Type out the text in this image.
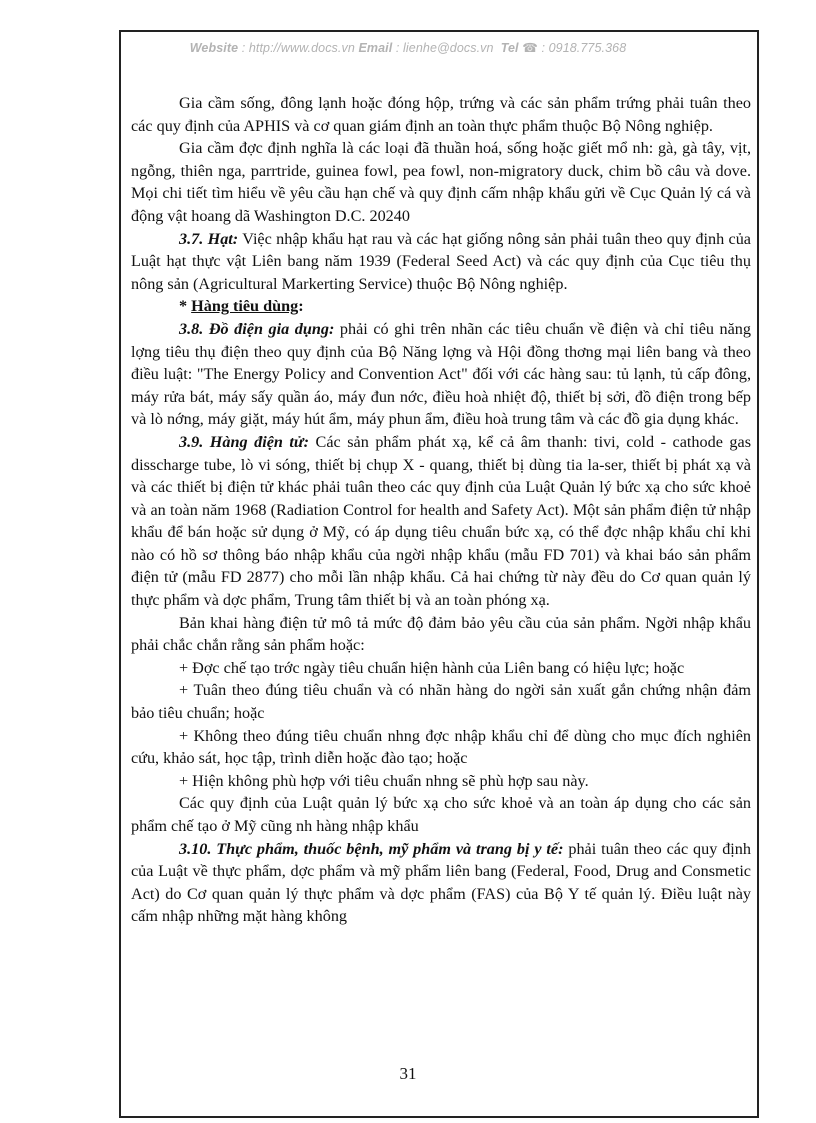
Website : http://www.docs.vn Email : lienhe@docs.vn Tel ☎ : 0918.775.368

Gia cầm sống, đông lạnh hoặc đóng hộp, trứng và các sản phẩm trứng phải tuân theo các quy định của APHIS và cơ quan giám định an toàn thực phẩm thuộc Bộ Nông nghiệp.

Gia cầm đợc định nghĩa là các loại đã thuần hoá, sống hoặc giết mổ nh: gà, gà tây, vịt, ngỗng, thiên nga, parrtride, guinea fowl, pea fowl, non-migratory duck, chim bồ câu và dove. Mọi chi tiết tìm hiểu về yêu cầu hạn chế và quy định cấm nhập khẩu gửi về Cục Quản lý cá và động vật hoang dã Washington D.C. 20240

3.7. Hạt: Việc nhập khẩu hạt rau và các hạt giống nông sản phải tuân theo quy định của Luật hạt thực vật Liên bang năm 1939 (Federal Seed Act) và các quy định của Cục tiêu thụ nông sản (Agricultural Markerting Service) thuộc Bộ Nông nghiệp.

* Hàng tiêu dùng:

3.8. Đồ điện gia dụng: phải có ghi trên nhãn các tiêu chuẩn về điện và chỉ tiêu năng lợng tiêu thụ điện theo quy định của Bộ Năng lợng và Hội đồng thơng mại liên bang và theo điều luật: "The Energy Policy and Convention Act" đối với các hàng sau: tủ lạnh, tủ cấp đông, máy rửa bát, máy sấy quần áo, máy đun nớc, điều hoà nhiệt độ, thiết bị sởi, đồ điện trong bếp và lò nớng, máy giặt, máy hút ẩm, máy phun ẩm, điều hoà trung tâm và các đồ gia dụng khác.

3.9. Hàng điện tử: Các sản phẩm phát xạ, kể cả âm thanh: tivi, cold - cathode gas disscharge tube, lò vi sóng, thiết bị chụp X - quang, thiết bị dùng tia la-ser, thiết bị phát xạ và và các thiết bị điện tử khác phải tuân theo các quy định của Luật Quản lý bức xạ cho sức khoẻ và an toàn năm 1968 (Radiation Control for health and Safety Act). Một sản phẩm điện tử nhập khẩu để bán hoặc sử dụng ở Mỹ, có áp dụng tiêu chuẩn bức xạ, có thể đợc nhập khẩu chỉ khi nào có hồ sơ thông báo nhập khẩu của ngời nhập khẩu (mẫu FD 701) và khai báo sản phẩm điện tử (mẫu FD 2877) cho mỗi lần nhập khẩu. Cả hai chứng từ này đều do Cơ quan quản lý thực phẩm và dợc phẩm, Trung tâm thiết bị và an toàn phóng xạ.

Bản khai hàng điện tử mô tả mức độ đảm bảo yêu cầu của sản phẩm. Ngời nhập khẩu phải chắc chắn rằng sản phẩm hoặc:

+ Đợc chế tạo trớc ngày tiêu chuẩn hiện hành của Liên bang có hiệu lực; hoặc

+ Tuân theo đúng tiêu chuẩn và có nhãn hàng do ngời sản xuất gắn chứng nhận đảm bảo tiêu chuẩn; hoặc

+ Không theo đúng tiêu chuẩn nhng đợc nhập khẩu chỉ để dùng cho mục đích nghiên cứu, khảo sát, học tập, trình diễn hoặc đào tạo; hoặc

+ Hiện không phù hợp với tiêu chuẩn nhng sẽ phù hợp sau này.

Các quy định của Luật quản lý bức xạ cho sức khoẻ và an toàn áp dụng cho các sản phẩm chế tạo ở Mỹ cũng nh hàng nhập khẩu

3.10. Thực phẩm, thuốc bệnh, mỹ phẩm và trang bị y tế: phải tuân theo các quy định của Luật về thực phẩm, dợc phẩm và mỹ phẩm liên bang (Federal, Food, Drug and Consmetic Act) do Cơ quan quản lý thực phẩm và dợc phẩm (FAS) của Bộ Y tế quản lý. Điều luật này cấm nhập những mặt hàng không

31
